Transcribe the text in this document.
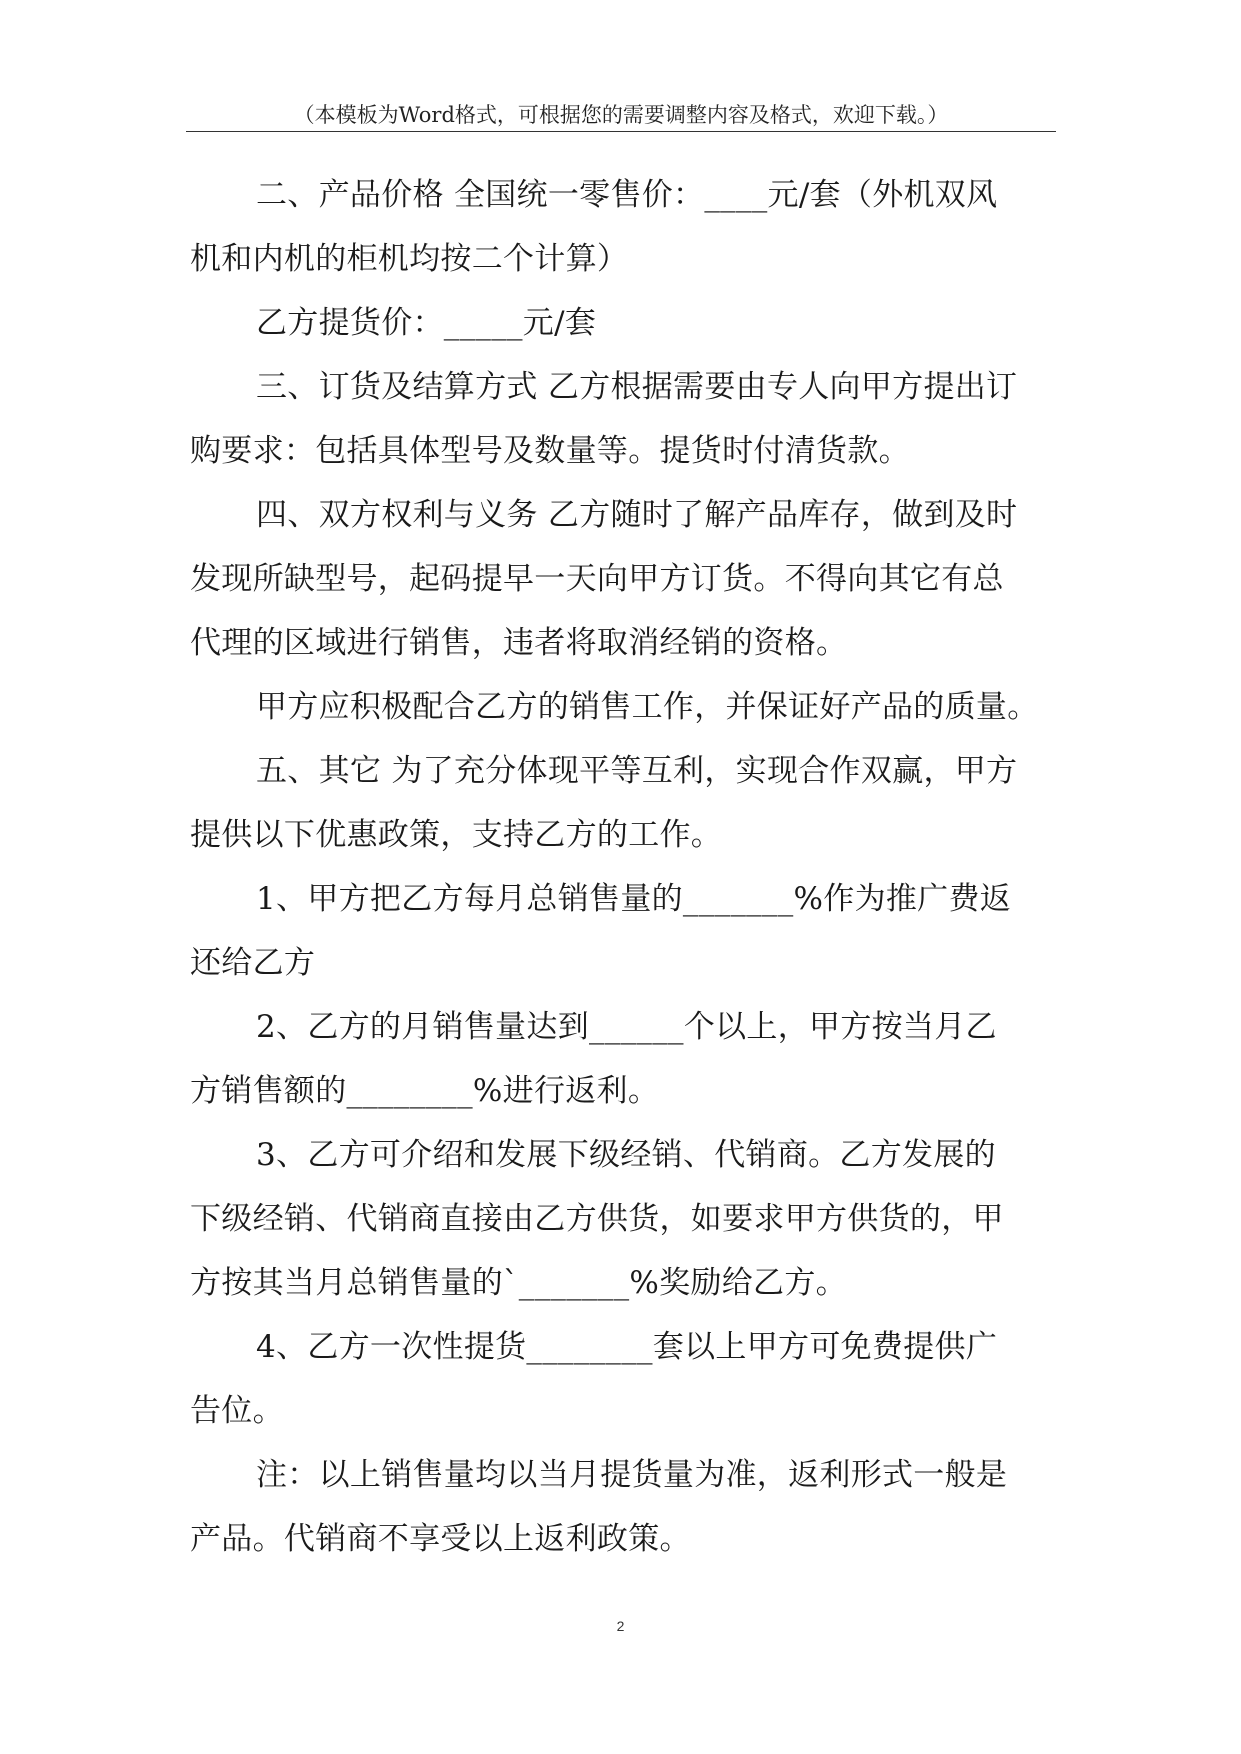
（本模板为Word格式，可根据您的需要调整内容及格式，欢迎下载。）
二、产品价格 全国统一零售价：____元/套（外机双风
机和内机的柜机均按二个计算）
乙方提货价：_____元/套
三、订货及结算方式 乙方根据需要由专人向甲方提出订
购要求：包括具体型号及数量等。提货时付清货款。
四、双方权利与义务 乙方随时了解产品库存，做到及时
发现所缺型号，起码提早一天向甲方订货。不得向其它有总
代理的区域进行销售，违者将取消经销的资格。
甲方应积极配合乙方的销售工作，并保证好产品的质量。
五、其它 为了充分体现平等互利，实现合作双赢，甲方
提供以下优惠政策，支持乙方的工作。
1、甲方把乙方每月总销售量的_______%作为推广费返
还给乙方
2、乙方的月销售量达到______个以上，甲方按当月乙
方销售额的________%进行返利。
3、乙方可介绍和发展下级经销、代销商。乙方发展的
下级经销、代销商直接由乙方供货，如要求甲方供货的，甲
方按其当月总销售量的`_______%奖励给乙方。
4、乙方一次性提货________套以上甲方可免费提供广
告位。
注：以上销售量均以当月提货量为准，返利形式一般是
产品。代销商不享受以上返利政策。
2
